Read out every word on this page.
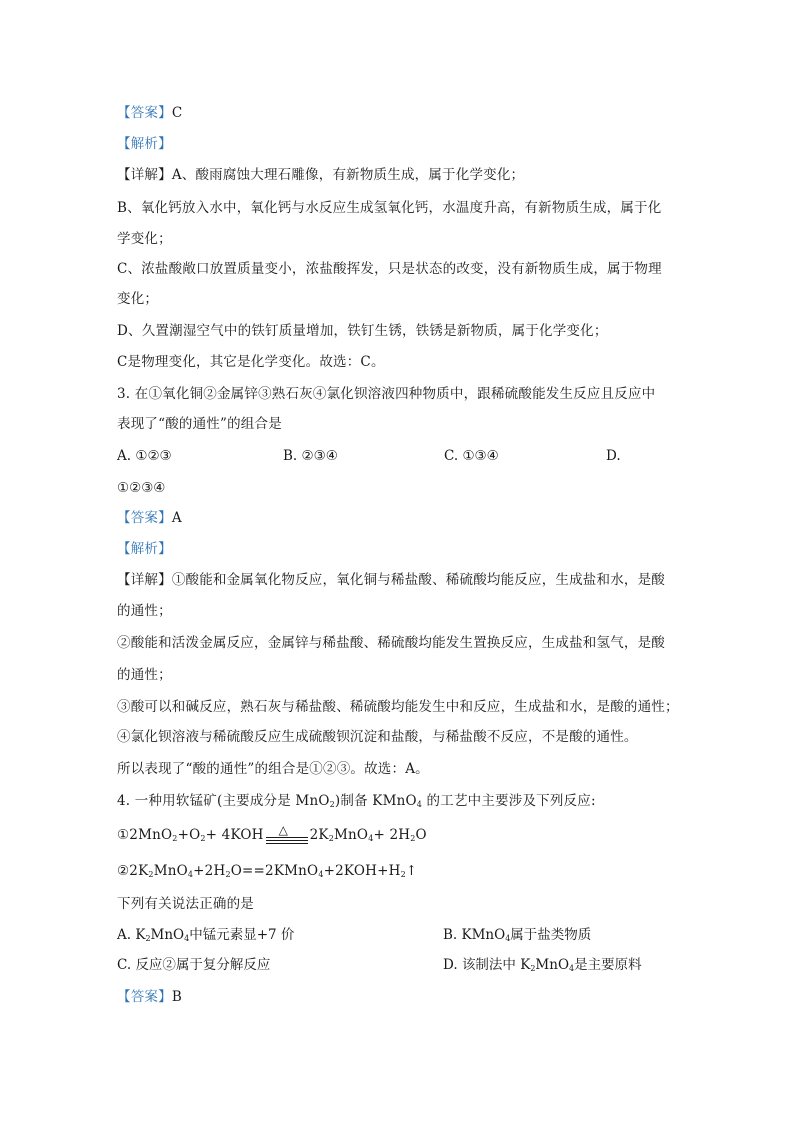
【答案】C
【解析】
【详解】A、酸雨腐蚀大理石雕像，有新物质生成，属于化学变化；
B、氧化钙放入水中，氧化钙与水反应生成氢氧化钙，水温度升高，有新物质生成，属于化
学变化；
C、浓盐酸敞口放置质量变小，浓盐酸挥发，只是状态的改变，没有新物质生成，属于物理
变化；
D、久置潮湿空气中的铁钉质量增加，铁钉生锈，铁锈是新物质，属于化学变化；
C是物理变化，其它是化学变化。故选：C。
3. 在①氧化铜②金属锌③熟石灰④氯化钡溶液四种物质中，跟稀硫酸能发生反应且反应中
表现了“酸的通性”的组合是
A. ①②③	B. ②③④	C. ①③④	D.
①②③④
【答案】A
【解析】
【详解】①酸能和金属氧化物反应，氧化铜与稀盐酸、稀硫酸均能反应，生成盐和水，是酸
的通性；
②酸能和活泼金属反应，金属锌与稀盐酸、稀硫酸均能发生置换反应，生成盐和氢气，是酸
的通性；
③酸可以和碱反应，熟石灰与稀盐酸、稀硫酸均能发生中和反应，生成盐和水，是酸的通性；
④氯化钡溶液与稀硫酸反应生成硫酸钡沉淀和盐酸，与稀盐酸不反应，不是酸的通性。
所以表现了“酸的通性”的组合是①②③。故选：A。
4. 一种用软锰矿(主要成分是 MnO$_2$)制备 KMnO$_4$ 的工艺中主要涉及下列反应:
$①2MnO_2+O_2+ 4KOH$ △ $2K_2MnO_4+ 2H_2O$
$②2K_2MnO_4+2H_2O==2KMnO_4+2KOH+H_2↑$
下列有关说法正确的是
A. $K_2MnO_4$中锰元素显+7 价	B. KMnO$_4$属于盐类物质
C. 反应②属于复分解反应	D. 该制法中 $K_2MnO_4$是主要原料
【答案】B
